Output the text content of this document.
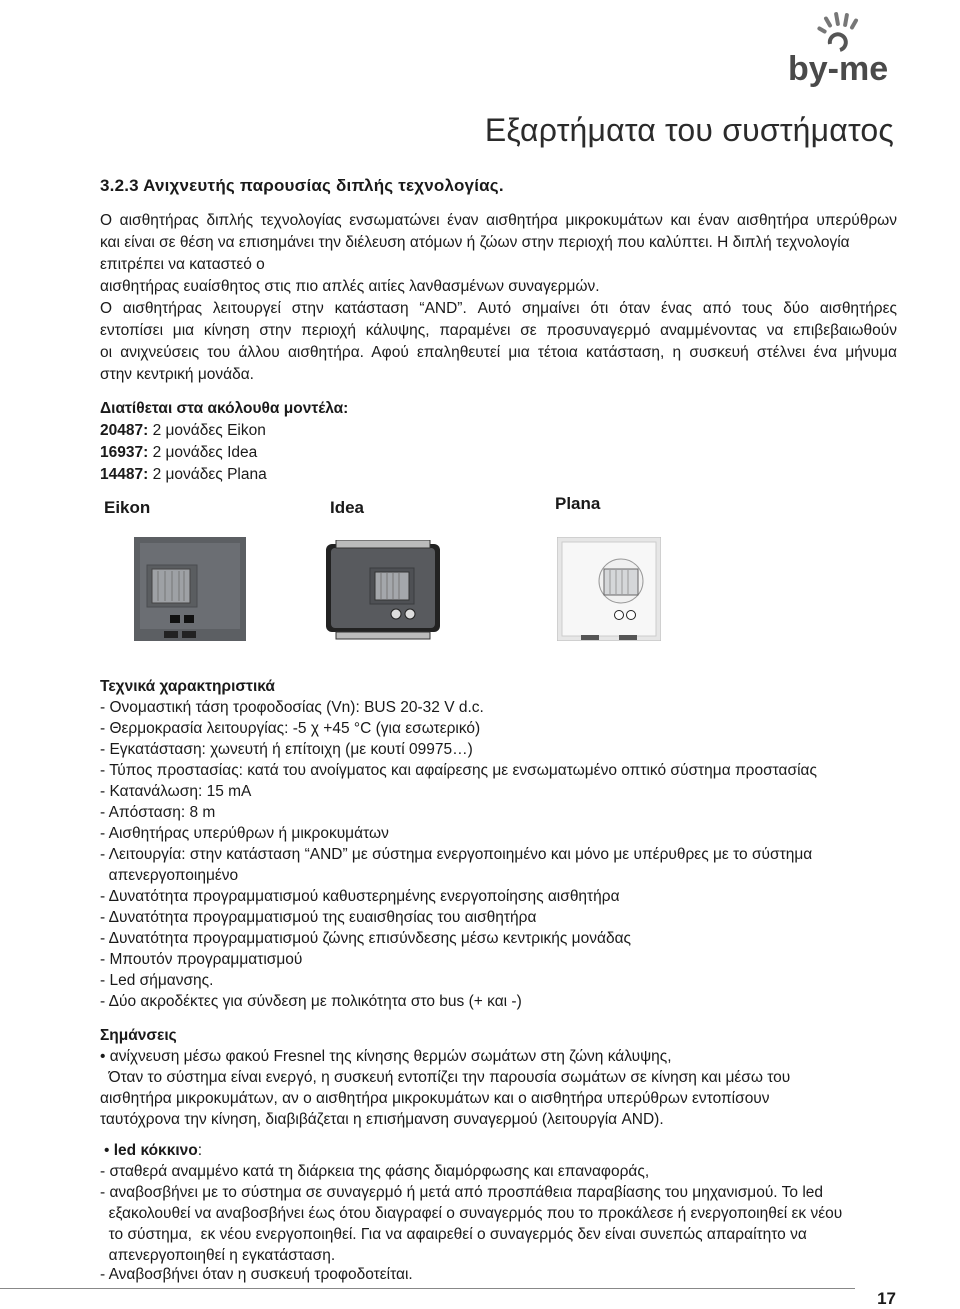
by-me
Εξαρτήματα του συστήματος
3.2.3 Ανιχνευτής παρουσίας διπλής τεχνολογίας.
Ο αισθητήρας διπλής τεχνολογίας ενσωματώνει έναν αισθητήρα μικροκυμάτων και έναν αισθητήρα υπερύθρων
και είναι σε θέση να επισημάνει την διέλευση ατόμων ή ζώων στην περιοχή που καλύπτει. Η διπλή τεχνολογία
επιτρέπει να καταστεό ο
αισθητήρας ευαίσθητος στις πιο απλές αιτίες λανθασμένων συναγερμών.
Ο αισθητήρας λειτουργεί στην κατάσταση “AND”. Αυτό σημαίνει ότι όταν ένας από τους δύο αισθητήρες
εντοπίσει μια κίνηση στην περιοχή κάλυψης, παραμένει σε προσυναγερμό αναμμένοντας να επιβεβαιωθούν
οι ανιχνεύσεις του άλλου αισθητήρα. Αφού επαληθευτεί μια τέτοια κατάσταση, η συσκευή στέλνει ένα μήνυμα
στην κεντρική μονάδα.
Διατίθεται στα ακόλουθα μοντέλα:
20487: 2 μονάδες Eikon
16937: 2 μονάδες Idea
14487: 2 μονάδες Plana
Eikon	Idea	Plana
Τεχνικά χαρακτηριστικά
- Ονομαστική τάση τροφοδοσίας (Vn): BUS 20-32 V d.c.
- Θερμοκρασία λειτουργίας: -5 χ +45 °C (για εσωτερικό)
- Εγκατάσταση: χωνευτή ή επίτοιχη (με κουτί 09975…)
- Τύπος προστασίας: κατά του ανοίγματος και αφαίρεσης με ενσωματωμένο οπτικό σύστημα προστασίας
- Κατανάλωση: 15 mA
- Απόσταση: 8 m
- Αισθητήρας υπερύθρων ή μικροκυμάτων
- Λειτουργία: στην κατάσταση “AND” με σύστημα ενεργοποιημένο και μόνο με υπέρυθρες με το σύστημα
απενεργοποιημένο
- Δυνατότητα προγραμματισμού καθυστερημένης ενεργοποίησης αισθητήρα
- Δυνατότητα προγραμματισμού της ευαισθησίας του αισθητήρα
- Δυνατότητα προγραμματισμού ζώνης επισύνδεσης μέσω κεντρικής μονάδας
- Μπουτόν προγραμματισμού
- Led σήμανσης.
- Δύο ακροδέκτες για σύνδεση με πολικότητα στο bus (+ και -)
Σημάνσεις
• ανίχνευση μέσω φακού Fresnel της κίνησης θερμών σωμάτων στη ζώνη κάλυψης,
Όταν το σύστημα είναι ενεργό, η συσκευή εντοπίζει την παρουσία σωμάτων σε κίνηση και μέσω του
αισθητήρα μικροκυμάτων, αν ο αισθητήρα μικροκυμάτων και ο αισθητήρα υπερύθρων εντοπίσουν
ταυτόχρονα την κίνηση, διαβιβάζεται η επισήμανση συναγερμού (λειτουργία AND).
• led κόκκινο:
- σταθερά αναμμένο κατά τη διάρκεια της φάσης διαμόρφωσης και επαναφοράς,
- αναβοσβήνει με το σύστημα σε συναγερμό ή μετά από προσπάθεια παραβίασης του μηχανισμού. Το led
εξακολουθεί να αναβοσβήνει έως ότου διαγραφεί ο συναγερμός που το προκάλεσε ή ενεργοποιηθεί εκ νέου
το σύστημα,  εκ νέου ενεργοποιηθεί. Για να αφαιρεθεί ο συναγερμός δεν είναι συνεπώς απαραίτητο να
απενεργοποιηθεί η εγκατάσταση.
- Αναβοσβήνει όταν η συσκευή τροφοδοτείται.
17
